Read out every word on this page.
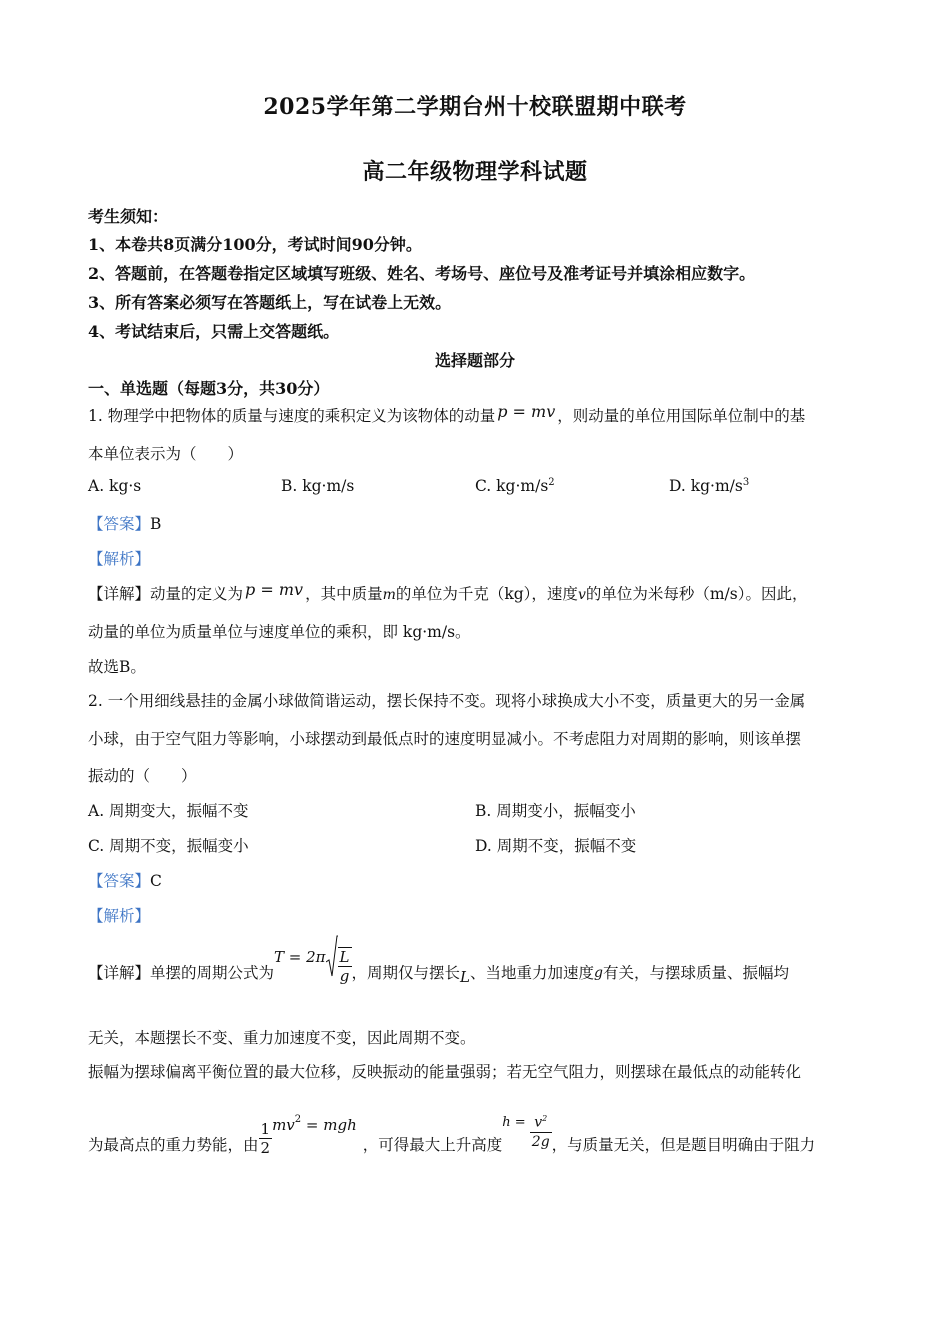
2025学年第二学期台州十校联盟期中联考
高二年级物理学科试题
考生须知：
1、本卷共8页满分100分，考试时间90分钟。
2、答题前，在答题卷指定区域填写班级、姓名、考场号、座位号及准考证号并填涂相应数字。
3、所有答案必须写在答题纸上，写在试卷上无效。
4、考试结束后，只需上交答题纸。
选择题部分
一、单选题（每题3分，共30分）
1. 物理学中把物体的质量与速度的乘积定义为该物体的动量 p = mv ，则动量的单位用国际单位制中的基
本单位表示为（　　）
A. kg·s	B. kg·m/s	C. $kg\cdot m/s^2$	D. $kg\cdot m/s^3$
【答案】B
【解析】
【详解】动量的定义为 p = mv ，其中质量m的单位为千克（kg），速度v的单位为米每秒（m/s）。因此，
动量的单位为质量单位与速度单位的乘积，即 kg·m/s。
故选B。
2. 一个用细线悬挂的金属小球做简谐运动，摆长保持不变。现将小球换成大小不变，质量更大的另一金属
小球，由于空气阻力等影响，小球摆动到最低点时的速度明显减小。不考虑阻力对周期的影响，则该单摆
振动的（　　）
A. 周期变大，振幅不变	B. 周期变小，振幅变小
C. 周期不变，振幅变小	D. 周期不变，振幅不变
【答案】C
【解析】
【详解】单摆的周期公式为$T = 2\pi \frac{L}{g}$ ，周期仅与摆长L、当地重力加速度g有关，与摆球质量、振幅均
无关，本题摆长不变、重力加速度不变，因此周期不变。
振幅为摆球偏离平衡位置的最大位移，反映振动的能量强弱；若无空气阻力，则摆球在最低点的动能转化
为最高点的重力势能，由 $\frac{1}{2} mv^2$ = mgh，可得最大上升高度$^{h =} \frac{v^2}{2g}$ ，与质量无关，但是题目明确由于阻力
